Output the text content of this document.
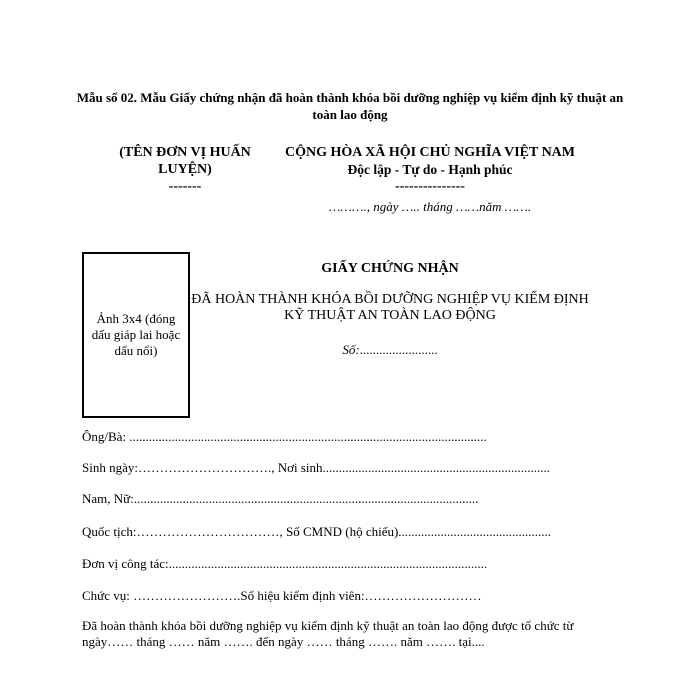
Mẫu số 02. Mẫu Giấy chứng nhận đã hoàn thành khóa bồi dưỡng nghiệp vụ kiểm định kỹ thuật an toàn lao động
(TÊN ĐƠN VỊ HUẤN LUYỆN)
-------
CỘNG HÒA XÃ HỘI CHỦ NGHĨA VIỆT NAM
Độc lập - Tự do - Hạnh phúc
---------------
………., ngày ….. tháng ……năm …….
Ảnh 3x4 (đóng dấu giáp lai hoặc dấu nổi)
GIẤY CHỨNG NHẬN
ĐÃ HOÀN THÀNH KHÓA BỒI DƯỠNG NGHIỆP VỤ KIỂM ĐỊNH KỸ THUẬT AN TOÀN LAO ĐỘNG
Số:........................
Ông/Bà: ..............................................................................................................
Sinh ngày:…………………………., Nơi sinh......................................................................
Nam, Nữ:..........................................................................................................
Quốc tịch:……………………………, Số CMND (hộ chiếu)...............................................
Đơn vị công tác:..................................................................................................
Chức vụ: …………………….Số hiệu kiểm định viên:………………………
Đã hoàn thành khóa bồi dưỡng nghiệp vụ kiểm định kỹ thuật an toàn lao động được tổ chức từ ngày…… tháng …… năm ……. đến ngày …… tháng ……. năm ……. tại....
